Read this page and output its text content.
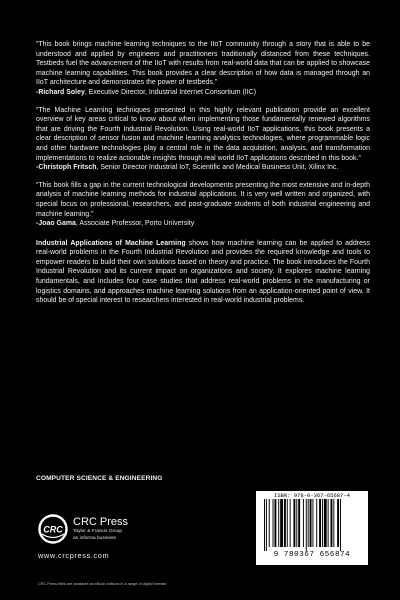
“This book brings machine learning techniques to the IIoT community through a story that is able to be understood and applied by engineers and practitioners traditionally distanced from these techniques. Testbeds fuel the advancement of the IIoT with results from real-world data that can be applied to showcase machine learning capabilities. This book provides a clear description of how data is managed through an IIoT architecture and demonstrates the power of testbeds.”

-Richard Soley, Executive Director, Industrial Internet Consortium (IIC)

“The Machine Learning techniques presented in this highly relevant publication provide an excellent overview of key areas critical to know about when implementing those fundamentally renewed algorithms that are driving the Fourth Industrial Revolution. Using real-world IIoT applications, this book presents a clear description of sensor fusion and machine learning analytics technologies, where programmable logic and other hardware technologies play a central role in the data acquisition, analysis, and transformation implementations to realize actionable insights through real world IIoT applications described in this book.”

-Christoph Fritsch, Senior Director Industrial IoT, Scientific and Medical Business Unit, Xilinx Inc.

“This book fills a gap in the current technological developments presenting the most extensive and in-depth analysis of machine learning methods for industrial applications. It is very well written and organized, with special focus on professional, researchers, and post-graduate students of both industrial engineering and machine learning.”

-Joao Gama, Associate Professor, Porto University

Industrial Applications of Machine Learning shows how machine learning can be applied to address real-world problems in the Fourth Industrial Revolution and provides the required knowledge and tools to empower readers to build their own solutions based on theory and practice. The book introduces the Fourth Industrial Revolution and its current impact on organizations and society. It explores machine learning fundamentals, and includes four case studies that address real-world problems in the manufacturing or logistics domains, and approaches machine learning solutions from an application-oriented point of view. It should be of special interest to researchers interested in real-world industrial problems.

COMPUTER SCIENCE & ENGINEERING
CRC
CRC Press
Taylor & Francis Group
an informa business
www.crcpress.com
CRC Press titles are available as eBook editions in a range of digital formats
ISBN: 978-0-367-65687-4
9 780367 656874
